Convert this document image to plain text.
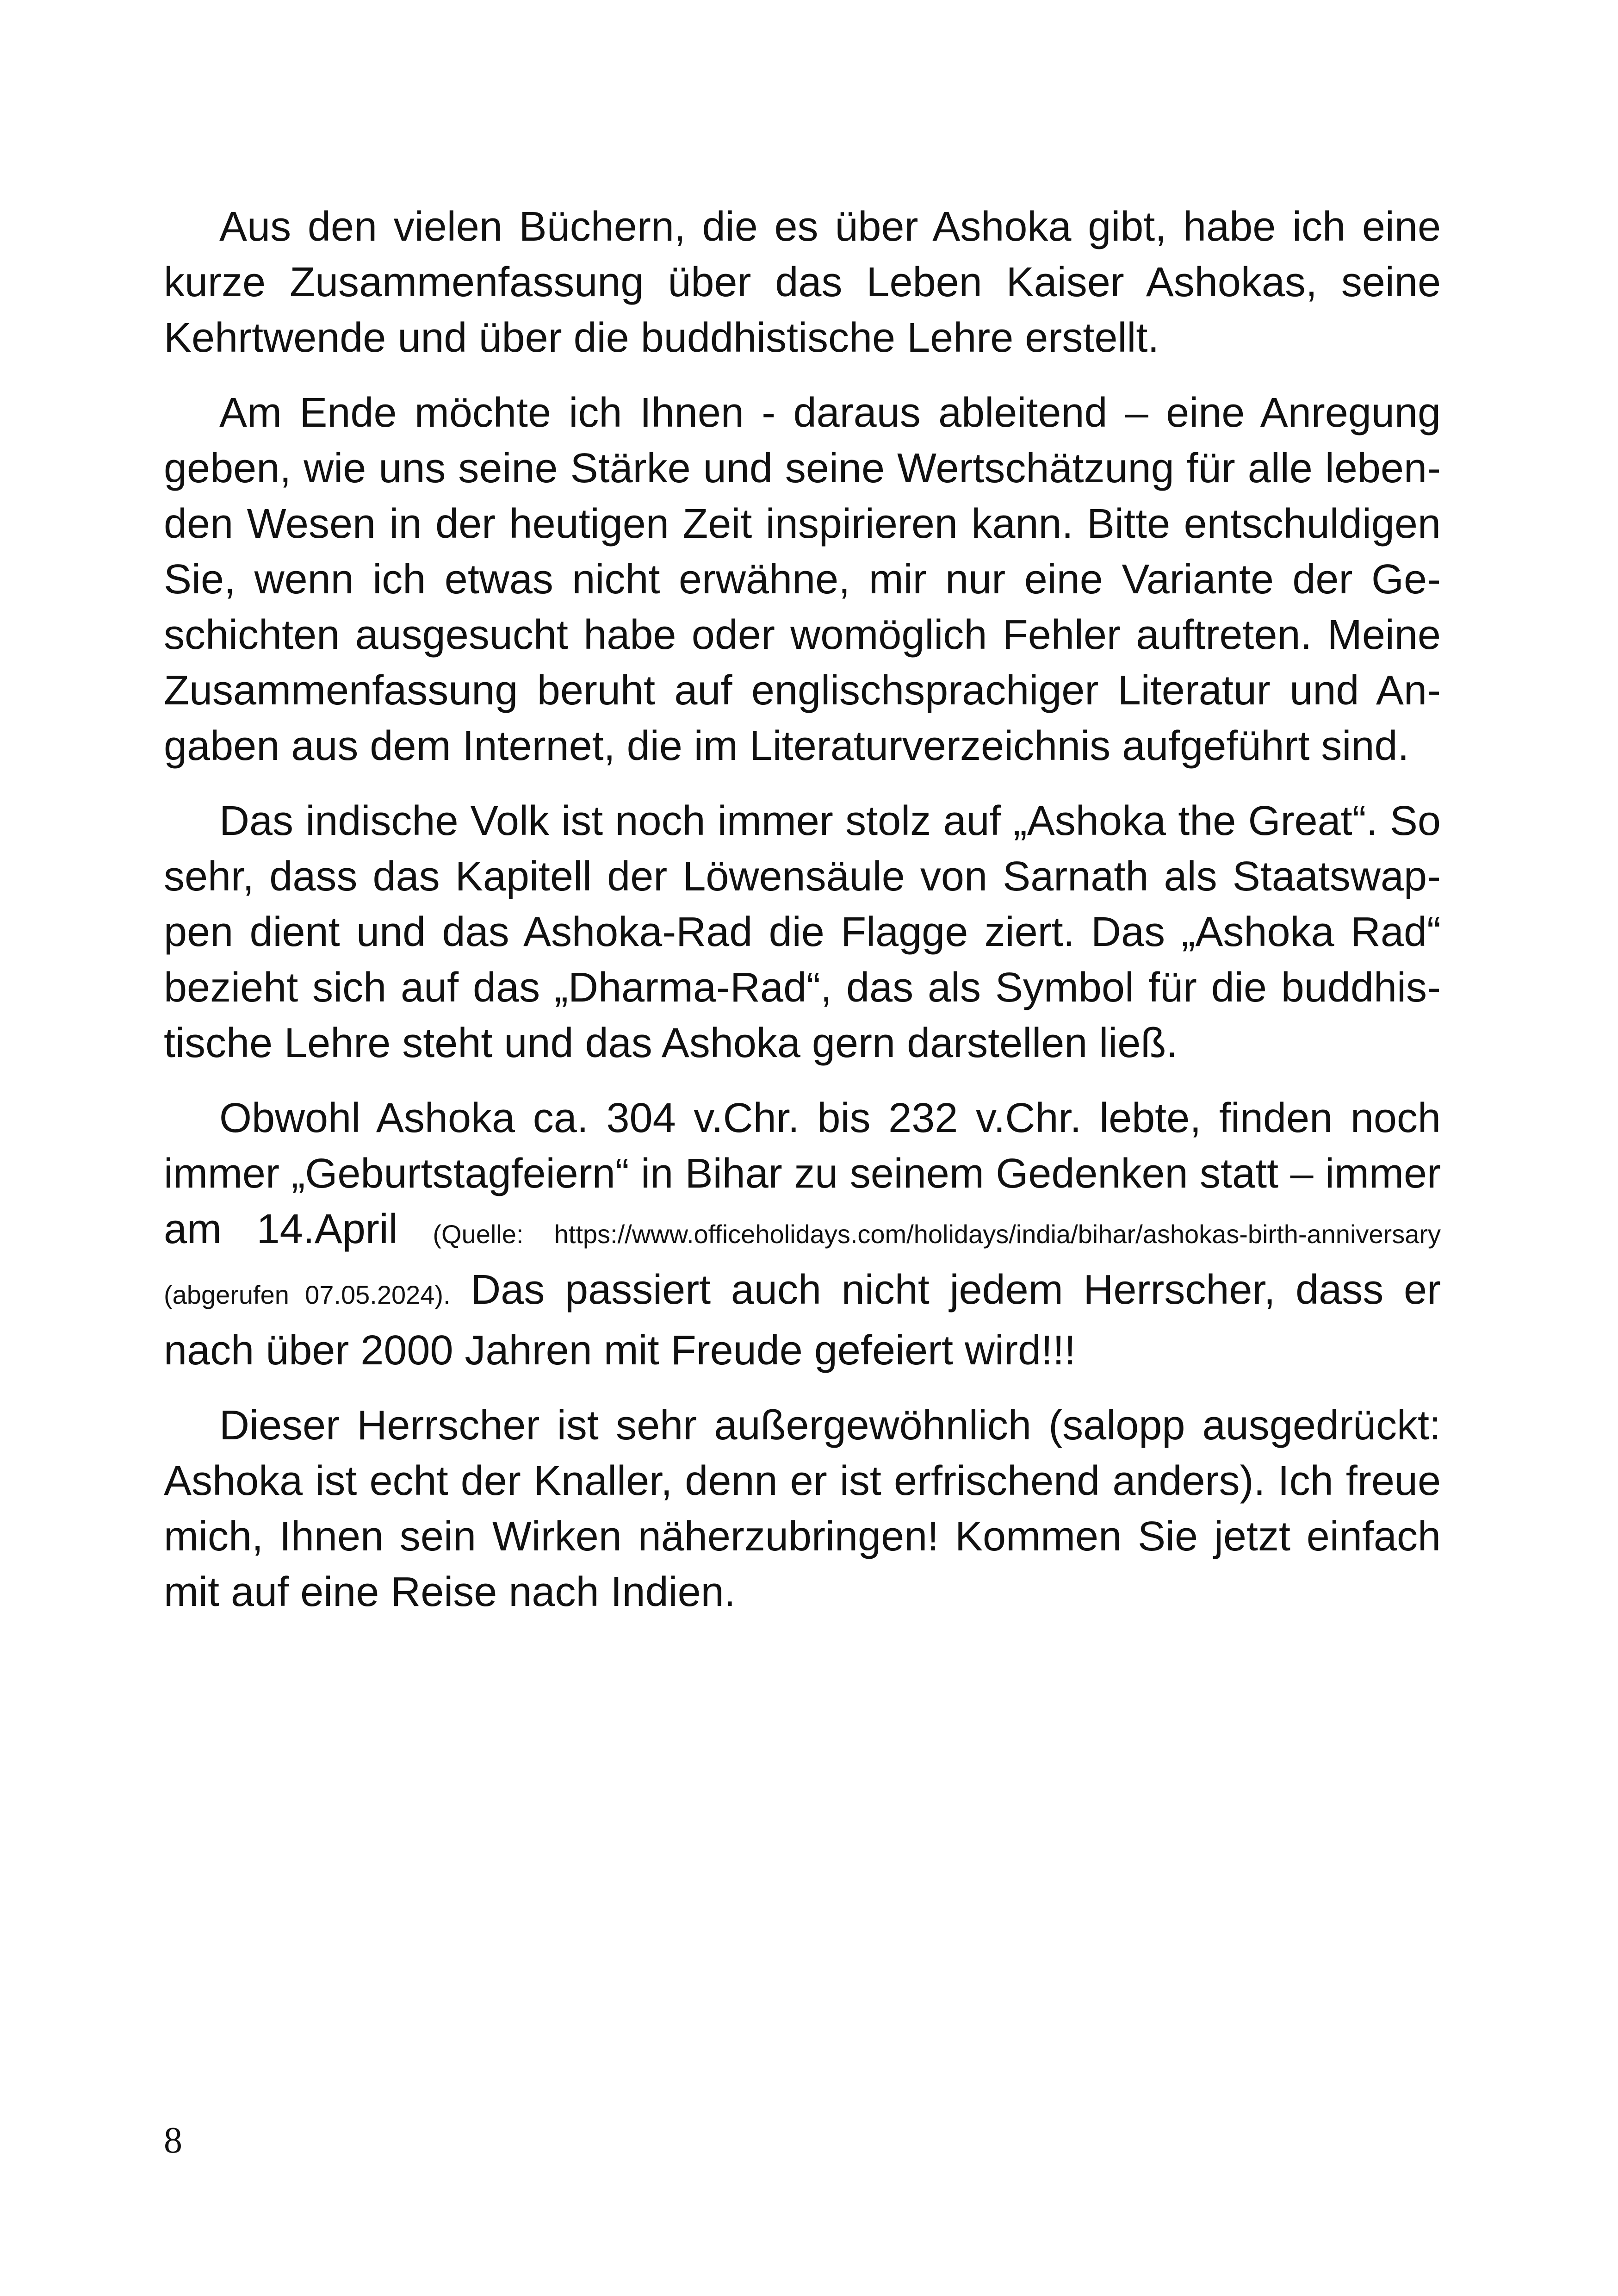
Aus den vielen Büchern, die es über Ashoka gibt, habe ich eine kurze Zusammenfassung über das Leben Kaiser Ashokas, seine Kehrtwende und über die buddhistische Lehre erstellt.

Am Ende möchte ich Ihnen - daraus ableitend – eine Anregung geben, wie uns seine Stärke und seine Wertschätzung für alle lebenden Wesen in der heutigen Zeit inspirieren kann. Bitte entschuldigen Sie, wenn ich etwas nicht erwähne, mir nur eine Variante der Geschichten ausgesucht habe oder womöglich Fehler auftreten. Meine Zusammenfassung beruht auf englischsprachiger Literatur und Angaben aus dem Internet, die im Literaturverzeichnis aufgeführt sind.

Das indische Volk ist noch immer stolz auf „Ashoka the Great“. So sehr, dass das Kapitell der Löwensäule von Sarnath als Staatswappen dient und das Ashoka-Rad die Flagge ziert. Das „Ashoka Rad“ bezieht sich auf das „Dharma-Rad“, das als Symbol für die buddhistische Lehre steht und das Ashoka gern darstellen ließ.

Obwohl Ashoka ca. 304 v.Chr. bis 232 v.Chr. lebte, finden noch immer „Geburtstagfeiern“ in Bihar zu seinem Gedenken statt – immer am 14.April (Quelle: https://www.officeholidays.com/holidays/india/bihar/ashokas-birth-anniversary (abgerufen 07.05.2024). Das passiert auch nicht jedem Herrscher, dass er nach über 2000 Jahren mit Freude gefeiert wird!!!

Dieser Herrscher ist sehr außergewöhnlich (salopp ausgedrückt: Ashoka ist echt der Knaller, denn er ist erfrischend anders). Ich freue mich, Ihnen sein Wirken näherzubringen! Kommen Sie jetzt einfach mit auf eine Reise nach Indien.

8
